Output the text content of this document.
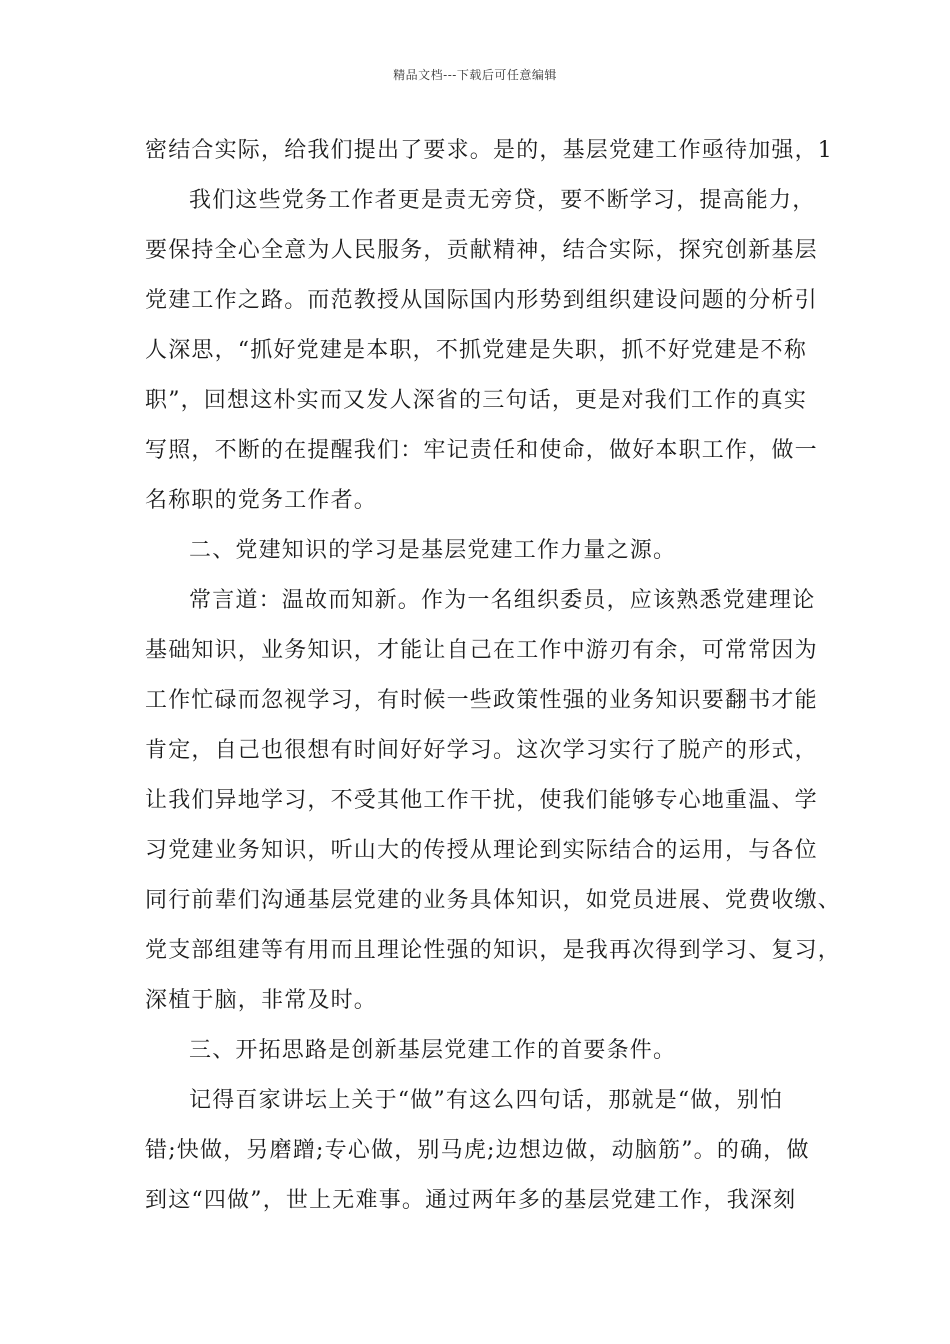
精品文档---下载后可任意编辑
密结合实际，给我们提出了要求。是的，基层党建工作亟待加强，1
我们这些党务工作者更是责无旁贷，要不断学习，提高能力，
要保持全心全意为人民服务，贡献精神，结合实际，探究创新基层
党建工作之路。而范教授从国际国内形势到组织建设问题的分析引
人深思，“抓好党建是本职，不抓党建是失职，抓不好党建是不称
职”，回想这朴实而又发人深省的三句话，更是对我们工作的真实
写照，不断的在提醒我们：牢记责任和使命，做好本职工作，做一
名称职的党务工作者。
二、党建知识的学习是基层党建工作力量之源。
常言道：温故而知新。作为一名组织委员，应该熟悉党建理论
基础知识，业务知识，才能让自己在工作中游刃有余，可常常因为
工作忙碌而忽视学习，有时候一些政策性强的业务知识要翻书才能
肯定，自己也很想有时间好好学习。这次学习实行了脱产的形式，
让我们异地学习，不受其他工作干扰，使我们能够专心地重温、学
习党建业务知识，听山大的传授从理论到实际结合的运用，与各位
同行前辈们沟通基层党建的业务具体知识，如党员进展、党费收缴、
党支部组建等有用而且理论性强的知识，是我再次得到学习、复习，
深植于脑，非常及时。
三、开拓思路是创新基层党建工作的首要条件。
记得百家讲坛上关于“做”有这么四句话，那就是“做，别怕
错;快做，另磨蹭;专心做，别马虎;边想边做，动脑筋”。的确，做
到这“四做”，世上无难事。通过两年多的基层党建工作，我深刻
